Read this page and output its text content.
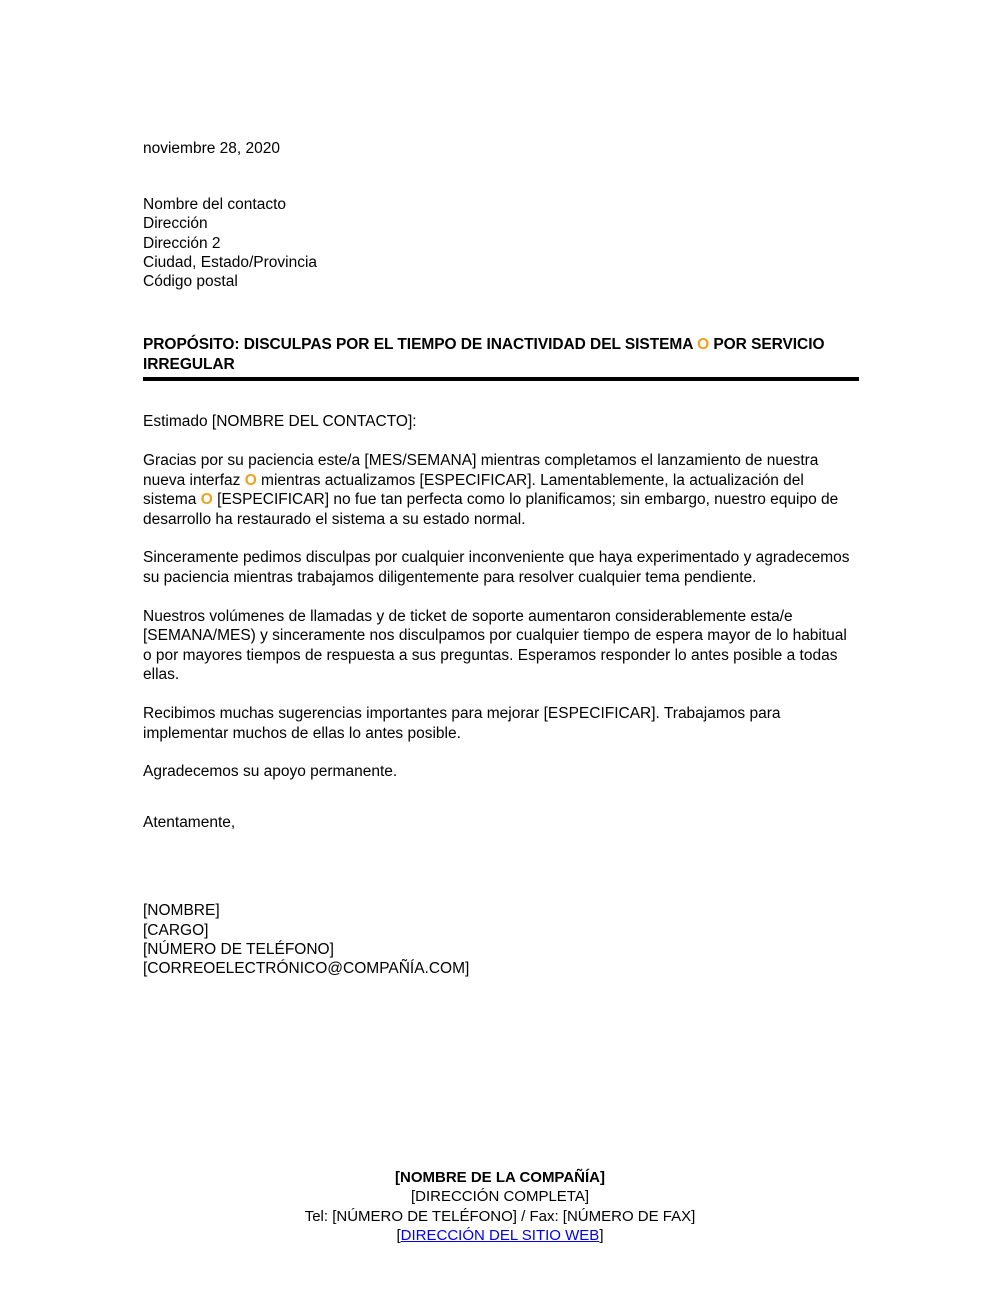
noviembre 28, 2020
Nombre del contacto
Dirección
Dirección 2
Ciudad, Estado/Provincia
Código postal
PROPÓSITO: DISCULPAS POR EL TIEMPO DE INACTIVIDAD DEL SISTEMA O POR SERVICIO IRREGULAR
Estimado [NOMBRE DEL CONTACTO]:
Gracias por su paciencia este/a [MES/SEMANA] mientras completamos el lanzamiento de nuestra nueva interfaz O mientras actualizamos [ESPECIFICAR]. Lamentablemente, la actualización del sistema O [ESPECIFICAR] no fue tan perfecta como lo planificamos; sin embargo, nuestro equipo de desarrollo ha restaurado el sistema a su estado normal.
Sinceramente pedimos disculpas por cualquier inconveniente que haya experimentado y agradecemos su paciencia mientras trabajamos diligentemente para resolver cualquier tema pendiente.
Nuestros volúmenes de llamadas y de ticket de soporte aumentaron considerablemente esta/e [SEMANA/MES) y sinceramente nos disculpamos por cualquier tiempo de espera mayor de lo habitual o por mayores tiempos de respuesta a sus preguntas. Esperamos responder lo antes posible a todas ellas.
Recibimos muchas sugerencias importantes para mejorar [ESPECIFICAR]. Trabajamos para implementar muchos de ellas lo antes posible.
Agradecemos su apoyo permanente.
Atentamente,
[NOMBRE]
[CARGO]
[NÚMERO DE TELÉFONO]
[CORREOELECTRÓNICO@COMPAÑÍA.COM]
[NOMBRE DE LA COMPAÑÍA]
[DIRECCIÓN COMPLETA]
Tel: [NÚMERO DE TELÉFONO] / Fax: [NÚMERO DE FAX]
[DIRECCIÓN DEL SITIO WEB]
